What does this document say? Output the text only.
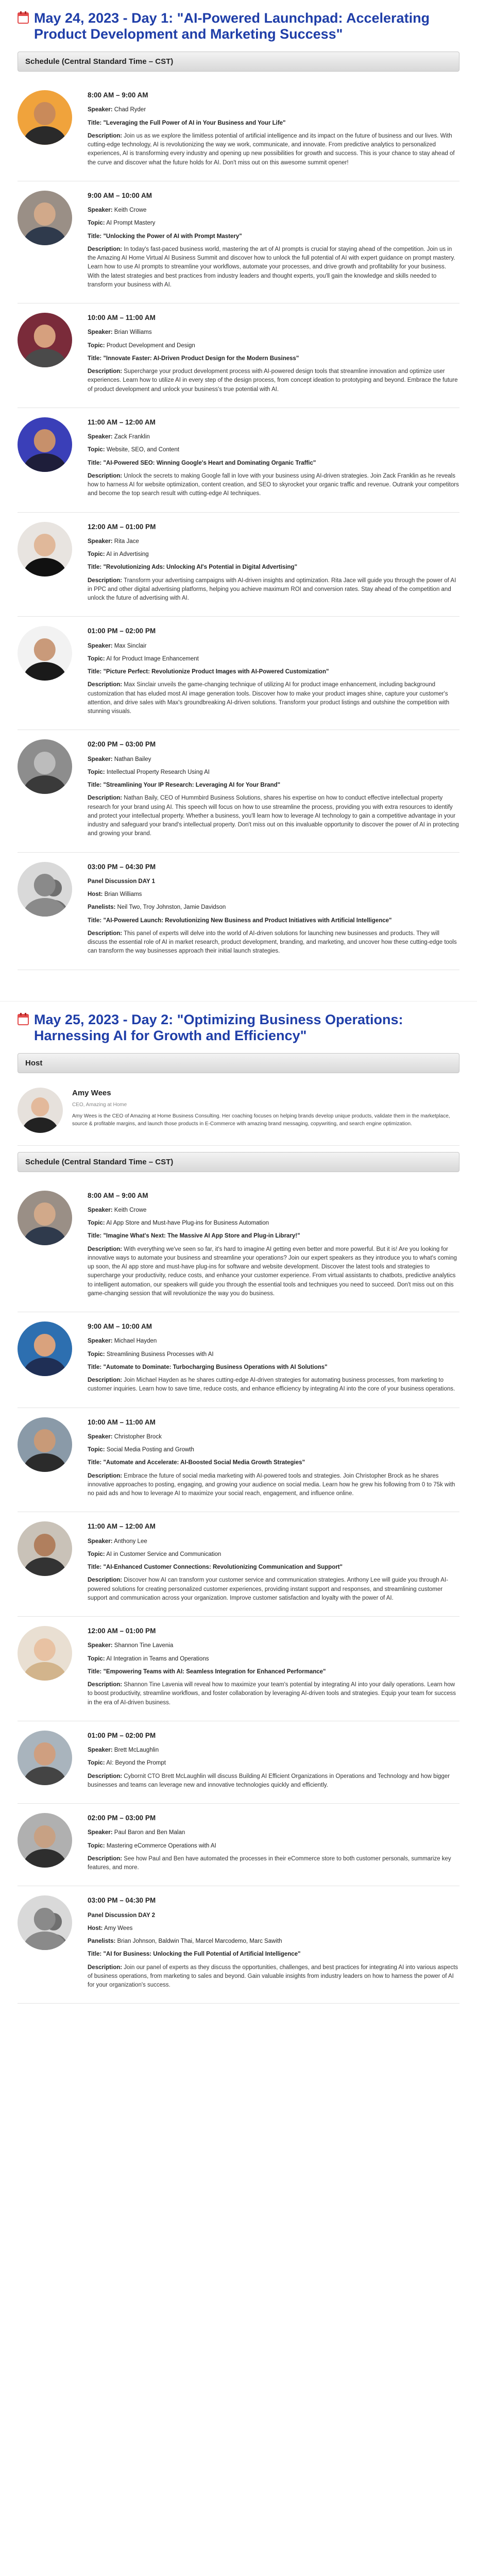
May 24, 2023 - Day 1: "AI-Powered Launchpad: Accelerating Product Development and Marketing Success"
Schedule (Central Standard Time – CST)
8:00 AM – 9:00 AM
Speaker: Chad Ryder
Title: "Leveraging the Full Power of AI in Your Business and Your Life"
Description: Join us as we explore the limitless potential of artificial intelligence and its impact on the future of business and our lives. With cutting-edge technology, AI is revolutionizing the way we work, communicate, and innovate. From predictive analytics to personalized experiences, AI is transforming every industry and opening up new possibilities for growth and success. This is your chance to stay ahead of the curve and discover what the future holds for AI. Don't miss out on this awesome summit opener!
9:00 AM – 10:00 AM
Speaker: Keith Crowe
Topic: AI Prompt Mastery
Title: "Unlocking the Power of AI with Prompt Mastery"
Description: In today's fast-paced business world, mastering the art of AI prompts is crucial for staying ahead of the competition. Join us in the Amazing AI Home Virtual AI Business Summit and discover how to unlock the full potential of AI with expert guidance on prompt mastery. Learn how to use AI prompts to streamline your workflows, automate your processes, and drive growth and profitability for your business. With the latest strategies and best practices from industry leaders and thought experts, you'll gain the knowledge and skills needed to transform your business with AI.
10:00 AM – 11:00 AM
Speaker: Brian Williams
Topic: Product Development and Design
Title: "Innovate Faster: AI-Driven Product Design for the Modern Business"
Description: Supercharge your product development process with AI-powered design tools that streamline innovation and optimize user experiences. Learn how to utilize AI in every step of the design process, from concept ideation to prototyping and beyond. Embrace the future of product development and unlock your business's true potential with AI.
11:00 AM – 12:00 AM
Speaker: Zack Franklin
Topic: Website, SEO, and Content
Title: "AI-Powered SEO: Winning Google's Heart and Dominating Organic Traffic"
Description: Unlock the secrets to making Google fall in love with your business using AI-driven strategies. Join Zack Franklin as he reveals how to harness AI for website optimization, content creation, and SEO to skyrocket your organic traffic and revenue. Outrank your competitors and become the top search result with cutting-edge AI techniques.
12:00 AM – 01:00 PM
Speaker: Rita Jace
Topic: AI in Advertising
Title: "Revolutionizing Ads: Unlocking AI's Potential in Digital Advertising"
Description: Transform your advertising campaigns with AI-driven insights and optimization. Rita Jace will guide you through the power of AI in PPC and other digital advertising platforms, helping you achieve maximum ROI and conversion rates. Stay ahead of the competition and unlock the future of advertising with AI.
01:00 PM – 02:00 PM
Speaker: Max Sinclair
Topic: AI for Product Image Enhancement
Title: "Picture Perfect: Revolutionize Product Images with AI-Powered Customization"
Description: Max Sinclair unveils the game-changing technique of utilizing AI for product image enhancement, including background customization that has eluded most AI image generation tools. Discover how to make your product images shine, capture your customer's attention, and drive sales with Max's groundbreaking AI-driven solutions. Transform your product listings and outshine the competition with stunning visuals.
02:00 PM – 03:00 PM
Speaker: Nathan Bailey
Topic: Intellectual Property Research Using AI
Title: "Streamlining Your IP Research: Leveraging AI for Your Brand"
Description: Nathan Baily, CEO of Hummbird Business Solutions, shares his expertise on how to conduct effective intellectual property research for your brand using AI. This speech will focus on how to use streamline the process, providing you with extra resources to identify and protect your intellectual property. Whether a business, you'll learn how to leverage AI technology to gain a competitive advantage in your industry and safeguard your brand's intellectual property. Don't miss out on this invaluable opportunity to discover the power of AI in protecting and growing your brand.
03:00 PM – 04:30 PM
Panel Discussion DAY 1
Host: Brian Williams
Panelists: Neil Two, Troy Johnston, Jamie Davidson
Title: "AI-Powered Launch: Revolutionizing New Business and Product Initiatives with Artificial Intelligence"
Description: This panel of experts will delve into the world of AI-driven solutions for launching new businesses and products. They will discuss the essential role of AI in market research, product development, branding, and marketing, and uncover how these cutting-edge tools can transform the way businesses approach their initial launch strategies.
May 25, 2023 - Day 2: "Optimizing Business Operations: Harnessing AI for Growth and Efficiency"
Host
Amy Wees
CEO, Amazing at Home
Amy Wees is the CEO of Amazing at Home Business Consulting. Her coaching focuses on helping brands develop unique products, validate them in the marketplace, source & profitable margins, and launch those products in E-Commerce with amazing brand messaging, copywriting, and search engine optimization.
Schedule (Central Standard Time – CST)
8:00 AM – 9:00 AM
Speaker: Keith Crowe
Topic: AI App Store and Must-have Plug-ins for Business Automation
Title: "Imagine What's Next: The Massive AI App Store and Plug-in Library!"
Description: With everything we've seen so far, it's hard to imagine AI getting even better and more powerful. But it is! Are you looking for innovative ways to automate your business and streamline your operations? Join our expert speakers as they introduce you to what's coming up soon, the AI app store and must-have plug-ins for software and website development. Discover the latest tools and strategies to supercharge your productivity, reduce costs, and enhance your customer experience. From virtual assistants to chatbots, predictive analytics to intelligent automation, our speakers will guide you through the essential tools and techniques you need to succeed. Don't miss out on this game-changing session that will revolutionize the way you do business.
9:00 AM – 10:00 AM
Speaker: Michael Hayden
Topic: Streamlining Business Processes with AI
Title: "Automate to Dominate: Turbocharging Business Operations with AI Solutions"
Description: Join Michael Hayden as he shares cutting-edge AI-driven strategies for automating business processes, from marketing to customer inquiries. Learn how to save time, reduce costs, and enhance efficiency by integrating AI into the core of your business operations.
10:00 AM – 11:00 AM
Speaker: Christopher Brock
Topic: Social Media Posting and Growth
Title: "Automate and Accelerate: AI-Boosted Social Media Growth Strategies"
Description: Embrace the future of social media marketing with AI-powered tools and strategies. Join Christopher Brock as he shares innovative approaches to posting, engaging, and growing your audience on social media. Learn how he grew his following from 0 to 75k with no paid ads and how to leverage AI to maximize your social reach, engagement, and influence online.
11:00 AM – 12:00 AM
Speaker: Anthony Lee
Topic: AI in Customer Service and Communication
Title: "AI-Enhanced Customer Connections: Revolutionizing Communication and Support"
Description: Discover how AI can transform your customer service and communication strategies. Anthony Lee will guide you through AI-powered solutions for creating personalized customer experiences, providing instant support and responses, and streamlining customer support and communication across your organization. Improve customer satisfaction and loyalty with the power of AI.
12:00 AM – 01:00 PM
Speaker: Shannon Tine Lavenia
Topic: AI Integration in Teams and Operations
Title: "Empowering Teams with AI: Seamless Integration for Enhanced Performance"
Description: Shannon Tine Lavenia will reveal how to maximize your team's potential by integrating AI into your daily operations. Learn how to boost productivity, streamline workflows, and foster collaboration by leveraging AI-driven tools and strategies. Equip your team for success in the era of AI-driven business.
01:00 PM – 02:00 PM
Speaker: Brett McLaughlin
Topic: AI: Beyond the Prompt
Description: Cybornit CTO Brett McLaughlin will discuss Building AI Efficient Organizations in Operations and Technology and how bigger businesses and teams can leverage new and innovative technologies quickly and efficiently.
02:00 PM – 03:00 PM
Speaker: Paul Baron and Ben Malan
Topic: Mastering eCommerce Operations with AI
Description: See how Paul and Ben have automated the processes in their eCommerce store to both customer personals, summarize key features, and more.
03:00 PM – 04:30 PM
Panel Discussion DAY 2
Host: Amy Wees
Panelists: Brian Johnson, Baldwin Thai, Marcel Marcodemo, Marc Sawith
Title: "AI for Business: Unlocking the Full Potential of Artificial Intelligence"
Description: Join our panel of experts as they discuss the opportunities, challenges, and best practices for integrating AI into various aspects of business operations, from marketing to sales and beyond. Gain valuable insights from industry leaders on how to harness the power of AI for your organization's success.
